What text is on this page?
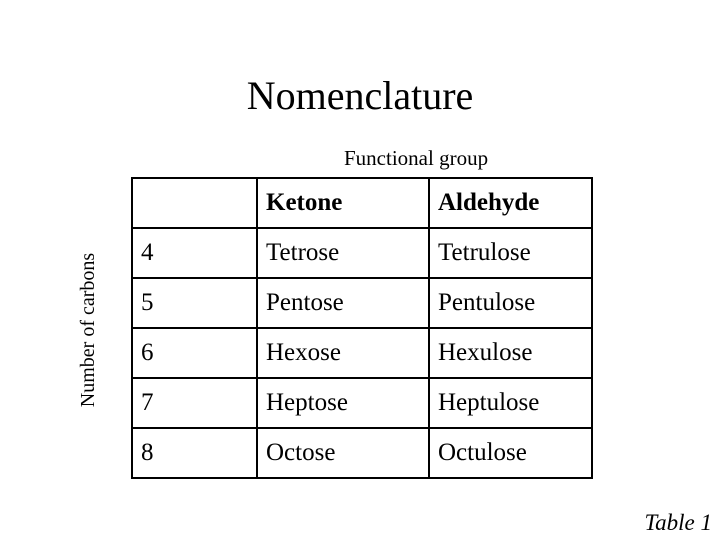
Nomenclature
Functional group
Number of carbons
	Ketone	Aldehyde
4	Tetrose	Tetrulose
5	Pentose	Pentulose
6	Hexose	Hexulose
7	Heptose	Heptulose
8	Octose	Octulose
Table 1
